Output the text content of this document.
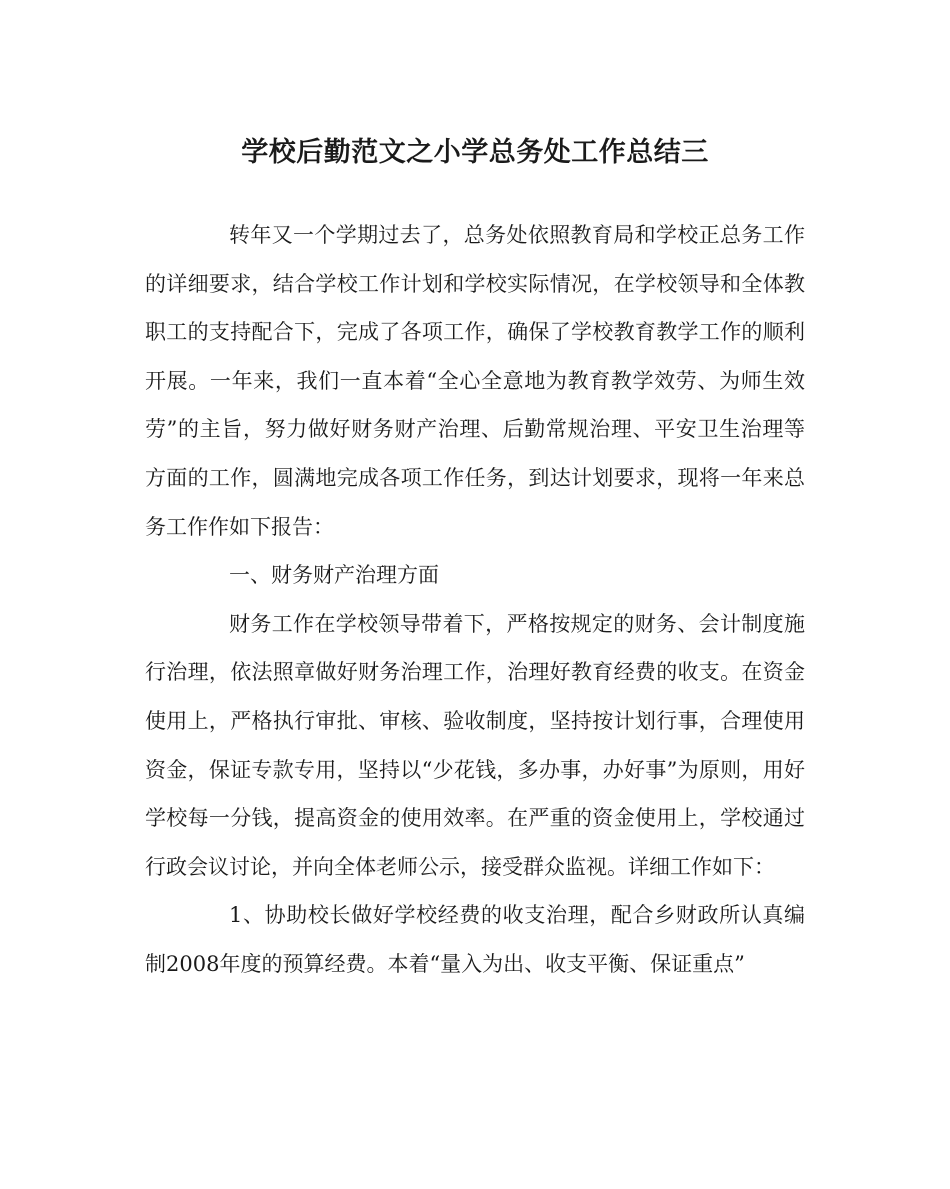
学校后勤范文之小学总务处工作总结三

转年又一个学期过去了，总务处依照教育局和学校正总务工作的详细要求，结合学校工作计划和学校实际情况，在学校领导和全体教职工的支持配合下，完成了各项工作，确保了学校教育教学工作的顺利开展。一年来，我们一直本着“全心全意地为教育教学效劳、为师生效劳”的主旨，努力做好财务财产治理、后勤常规治理、平安卫生治理等方面的工作，圆满地完成各项工作任务，到达计划要求，现将一年来总务工作作如下报告：

一、财务财产治理方面

财务工作在学校领导带着下，严格按规定的财务、会计制度施行治理，依法照章做好财务治理工作，治理好教育经费的收支。在资金使用上，严格执行审批、审核、验收制度，坚持按计划行事，合理使用资金，保证专款专用，坚持以“少花钱，多办事，办好事”为原则，用好学校每一分钱，提高资金的使用效率。在严重的资金使用上，学校通过行政会议讨论，并向全体老师公示，接受群众监视。详细工作如下：

1、协助校长做好学校经费的收支治理，配合乡财政所认真编制2008年度的预算经费。本着“量入为出、收支平衡、保证重点”
